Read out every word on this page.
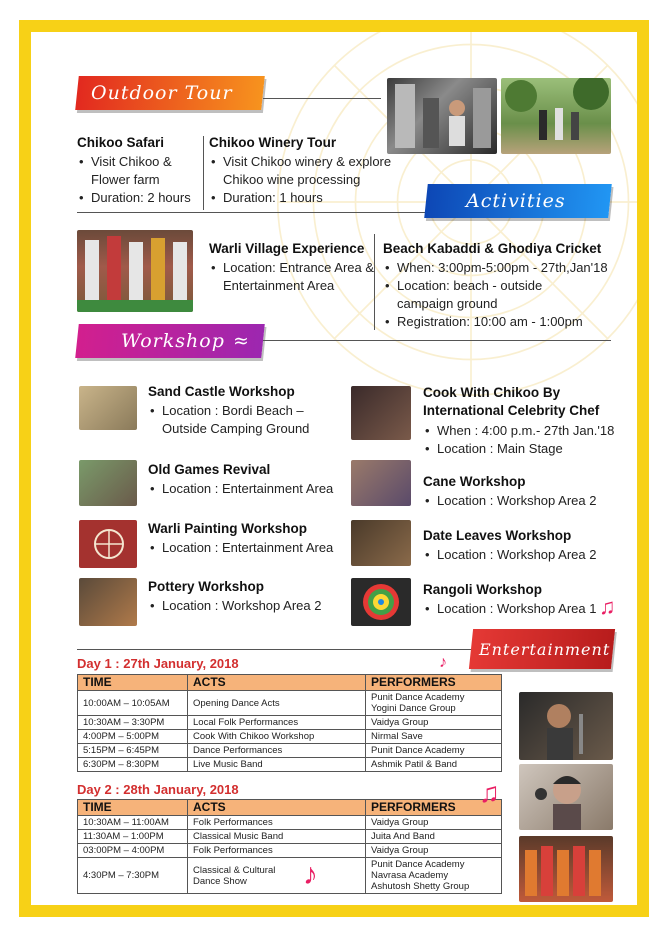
Outdoor Tour
Chikoo Safari
• Visit Chikoo & Flower farm
• Duration: 2 hours
Chikoo Winery Tour
• Visit Chikoo winery & explore Chikoo wine processing
• Duration: 1 hours	Activities
Warli Village Experience
• Location: Entrance Area & Entertainment Area
Beach Kabaddi & Ghodiya Cricket
• When: 3:00pm-5:00pm - 27th,Jan'18
• Location: beach - outside campaign ground
• Registration: 10:00 am - 1:00pm
Workshop ≈
Sand Castle Workshop
• Location : Bordi Beach – Outside Camping Ground
Old Games Revival
• Location : Entertainment Area
Warli Painting Workshop
• Location : Entertainment Area
Pottery Workshop
• Location : Workshop Area 2
Cook With Chikoo By International Celebrity Chef
• When : 4:00 p.m.- 27th Jan.'18
• Location : Main Stage
Cane Workshop
• Location : Workshop Area 2
Date Leaves Workshop
• Location : Workshop Area 2
Rangoli Workshop
• Location : Workshop Area 1
Entertainment
♪
♫
Day 1 : 27th January, 2018
TIME	ACTS	PERFORMERS
10:00AM – 10:05AM	Opening Dance Acts	Punit Dance Academy
Yogini Dance Group
10:30AM – 3:30PM	Local Folk Performances	Vaidya Group
4:00PM – 5:00PM	Cook With Chikoo Workshop	Nirmal Save
5:15PM – 6:45PM	Dance Performances	Punit Dance Academy
6:30PM – 8:30PM	Live Music Band	Ashmik Patil & Band
Day 2 : 28th January, 2018
TIME	ACTS	PERFORMERS
10:30AM – 11:00AM	Folk Performances	Vaidya Group
11:30AM – 1:00PM	Classical Music Band	Juita And Band
03:00PM – 4:00PM	Folk Performances	Vaidya Group
4:30PM – 7:30PM	Classical & Cultural
Dance Show	Punit Dance Academy
Navrasa Academy
Ashutosh Shetty Group
♫
♪
